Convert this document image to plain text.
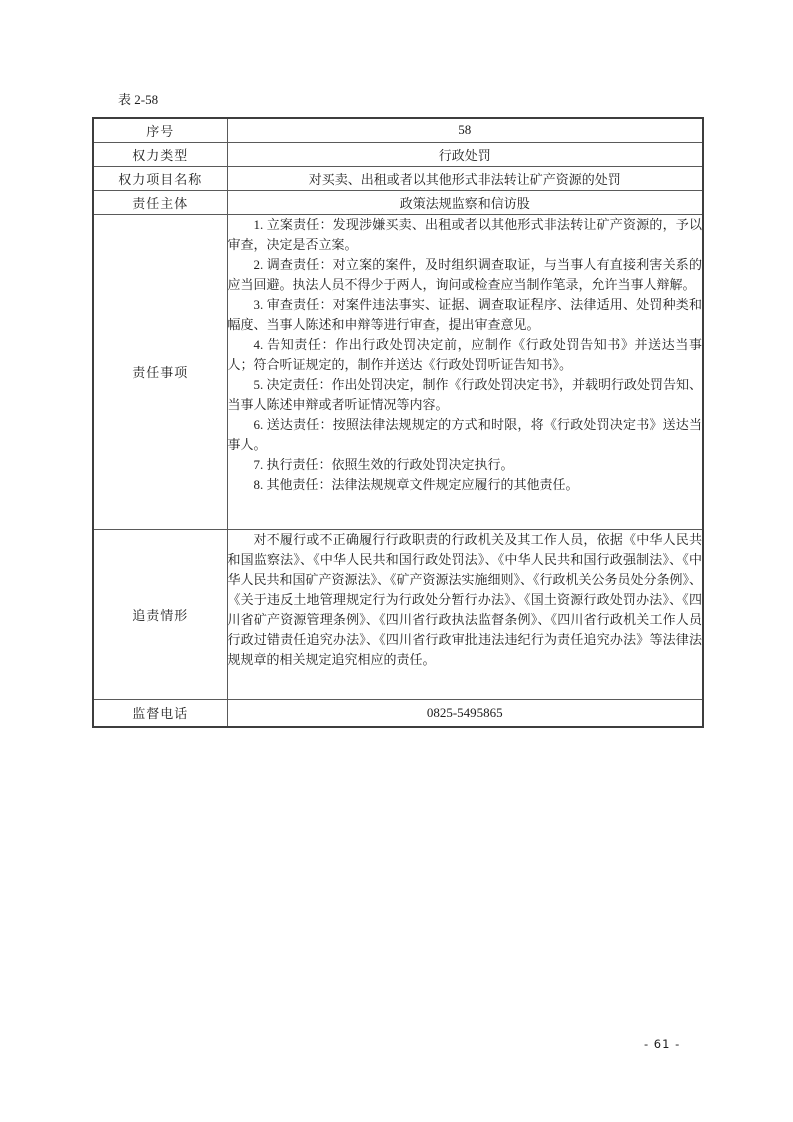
表 2-58
序号	58
权力类型	行政处罚
权力项目名称	对买卖、出租或者以其他形式非法转让矿产资源的处罚
责任主体	政策法规监察和信访股
责任事项	

1. 立案责任：发现涉嫌买卖、出租或者以其他形式非法转让矿产资源的，予以审查，决定是否立案。

2. 调查责任：对立案的案件，及时组织调查取证，与当事人有直接利害关系的应当回避。执法人员不得少于两人，询问或检查应当制作笔录，允许当事人辩解。

3. 审查责任：对案件违法事实、证据、调查取证程序、法律适用、处罚种类和幅度、当事人陈述和申辩等进行审查，提出审查意见。

4. 告知责任：作出行政处罚决定前，应制作《行政处罚告知书》并送达当事人；符合听证规定的，制作并送达《行政处罚听证告知书》。

5. 决定责任：作出处罚决定，制作《行政处罚决定书》，并载明行政处罚告知、当事人陈述申辩或者听证情况等内容。

6. 送达责任：按照法律法规规定的方式和时限，将《行政处罚决定书》送达当事人。

7. 执行责任：依照生效的行政处罚决定执行。

8. 其他责任：法律法规规章文件规定应履行的其他责任。

追责情形	对不履行或不正确履行行政职责的行政机关及其工作人员，依据《中华人民共和国监察法》、《中华人民共和国行政处罚法》、《中华人民共和国行政强制法》、《中华人民共和国矿产资源法》、《矿产资源法实施细则》、《行政机关公务员处分条例》、《关于违反土地管理规定行为行政处分暂行办法》、《国土资源行政处罚办法》、《四川省矿产资源管理条例》、《四川省行政执法监督条例》、《四川省行政机关工作人员行政过错责任追究办法》、《四川省行政审批违法违纪行为责任追究办法》等法律法规规章的相关规定追究相应的责任。

监督电话	0825-5495865
- 61 -
